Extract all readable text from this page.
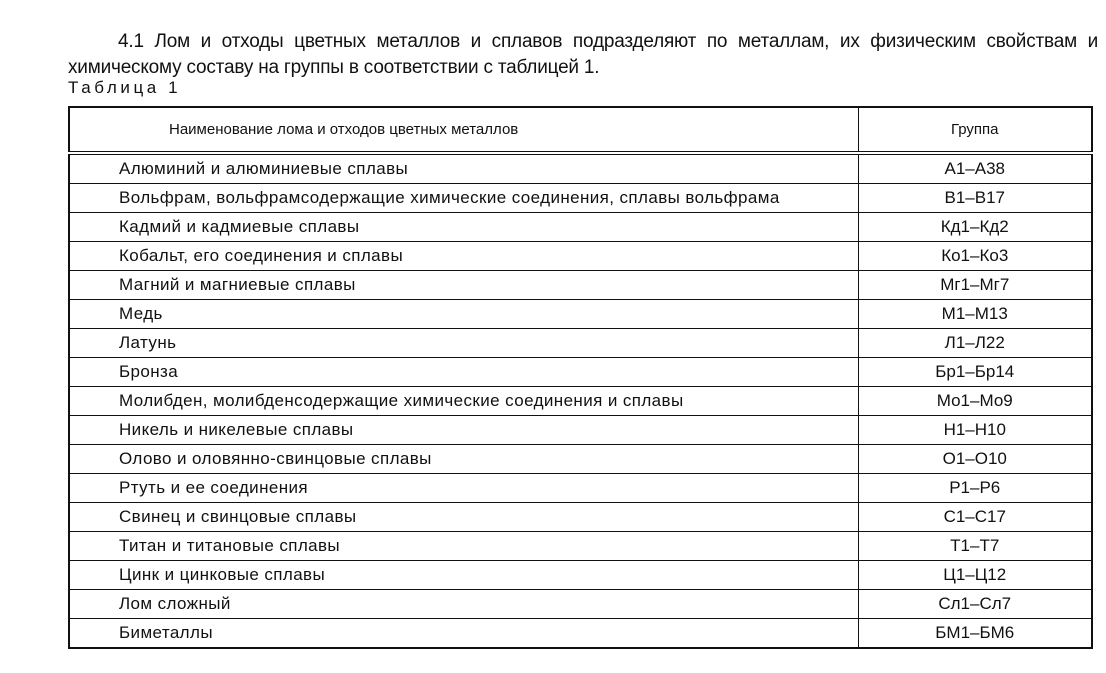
4.1 Лом и отходы цветных металлов и сплавов подразделяют по металлам, их физическим свойствам и химическому составу на группы в соответствии с таблицей 1.

Таблица 1
Наименование лома и отходов цветных металлов	Группа
Алюминий и алюминиевые сплавы	А1–А38
Вольфрам, вольфрамсодержащие химические соединения, сплавы вольфрама	В1–В17
Кадмий и кадмиевые сплавы	Кд1–Кд2
Кобальт, его соединения и сплавы	Ко1–Ко3
Магний и магниевые сплавы	Мг1–Мг7
Медь	М1–М13
Латунь	Л1–Л22
Бронза	Бр1–Бр14
Молибден, молибденсодержащие химические соединения и сплавы	Мо1–Мо9
Никель и никелевые сплавы	Н1–Н10
Олово и оловянно-свинцовые сплавы	О1–О10
Ртуть и ее соединения	Р1–Р6
Свинец и свинцовые сплавы	С1–С17
Титан и титановые сплавы	Т1–Т7
Цинк и цинковые сплавы	Ц1–Ц12
Лом сложный	Сл1–Сл7
Биметаллы	БМ1–БМ6
